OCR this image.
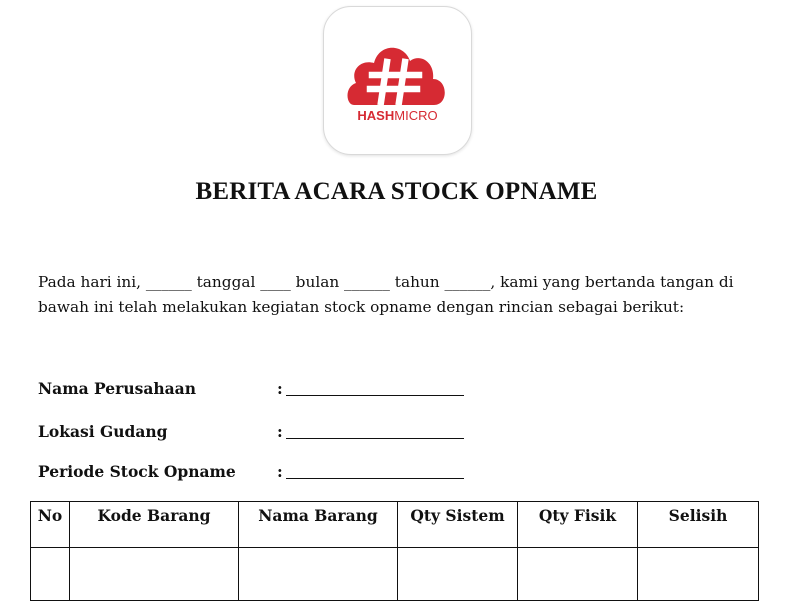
HASHMICRO
BERITA ACARA STOCK OPNAME
Pada hari ini, ______ tanggal ____ bulan ______ tahun ______, kami yang bertanda tangan di
bawah ini telah melakukan kegiatan stock opname dengan rincian sebagai berikut:
Nama Perusahaan	:
Lokasi Gudang	:
Periode Stock Opname	:
No	Kode Barang	Nama Barang	Qty Sistem	Qty Fisik	Selisih
